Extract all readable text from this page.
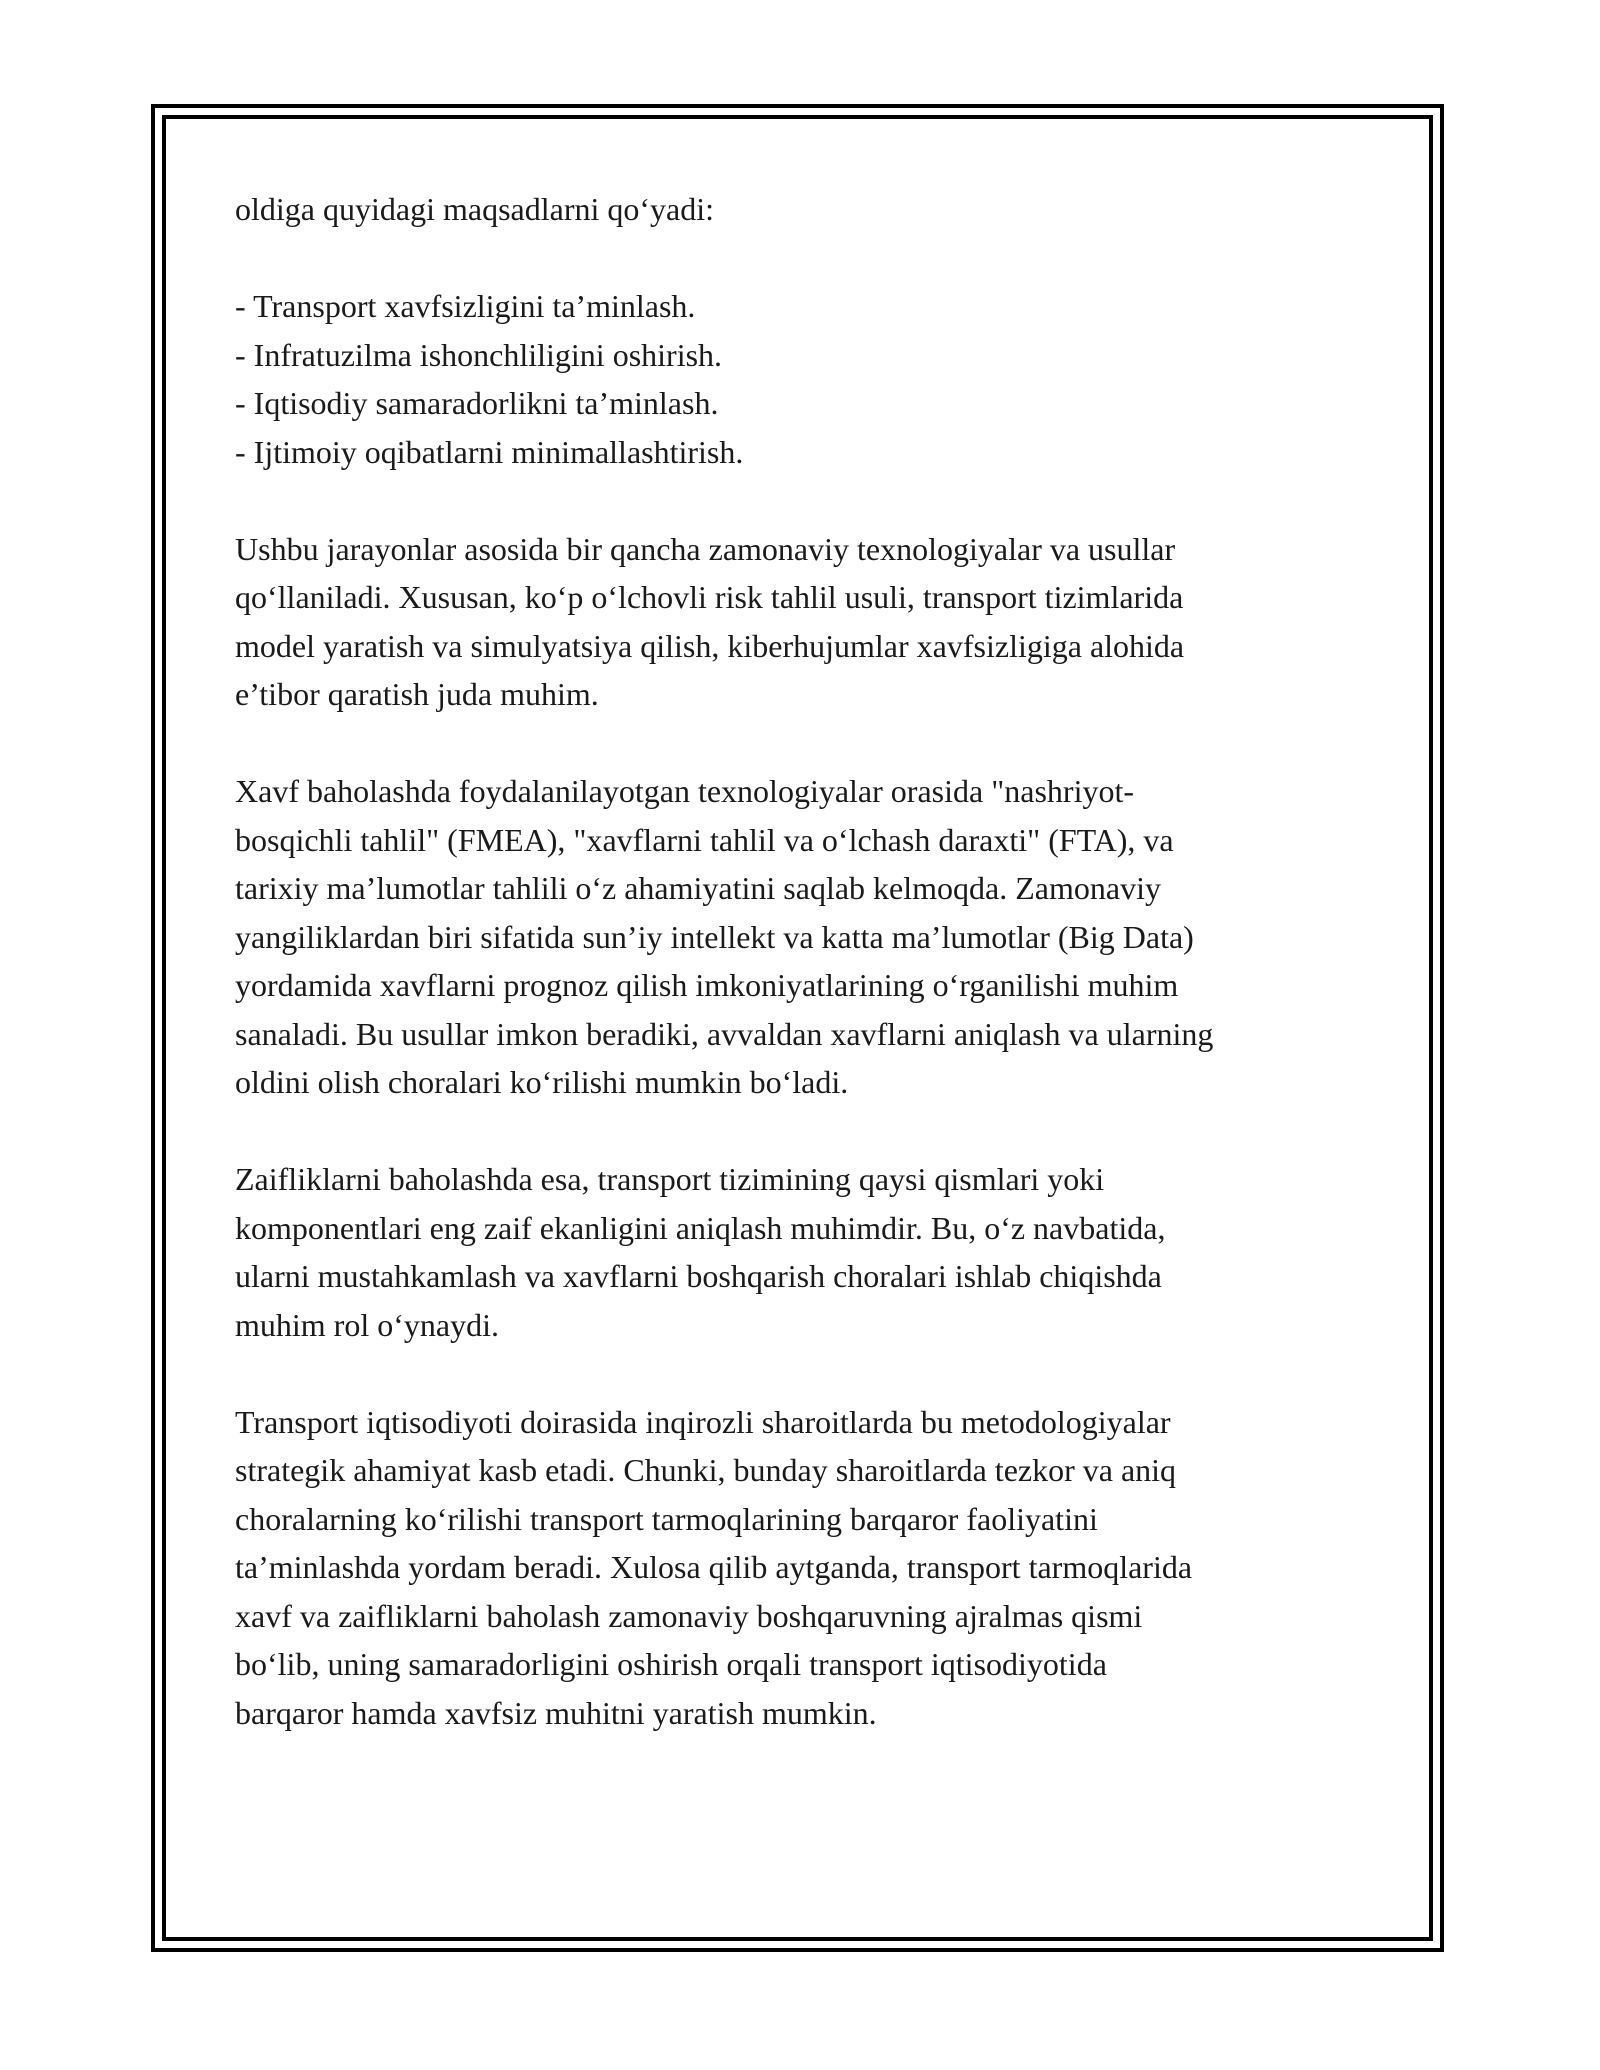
oldiga quyidagi maqsadlarni qo‘yadi:

- Transport xavfsizligini ta’minlash.
- Infratuzilma ishonchliligini oshirish.
- Iqtisodiy samaradorlikni ta’minlash.
- Ijtimoiy oqibatlarni minimallashtirish.

Ushbu jarayonlar asosida bir qancha zamonaviy texnologiyalar va usullar
qo‘llaniladi. Xususan, ko‘p o‘lchovli risk tahlil usuli, transport tizimlarida
model yaratish va simulyatsiya qilish, kiberhujumlar xavfsizligiga alohida
e’tibor qaratish juda muhim.

Xavf baholashda foydalanilayotgan texnologiyalar orasida "nashriyot-
bosqichli tahlil" (FMEA), "xavflarni tahlil va o‘lchash daraxti" (FTA), va
tarixiy ma’lumotlar tahlili o‘z ahamiyatini saqlab kelmoqda. Zamonaviy
yangiliklardan biri sifatida sun’iy intellekt va katta ma’lumotlar (Big Data)
yordamida xavflarni prognoz qilish imkoniyatlarining o‘rganilishi muhim
sanaladi. Bu usullar imkon beradiki, avvaldan xavflarni aniqlash va ularning
oldini olish choralari ko‘rilishi mumkin bo‘ladi.

Zaifliklarni baholashda esa, transport tizimining qaysi qismlari yoki
komponentlari eng zaif ekanligini aniqlash muhimdir. Bu, o‘z navbatida,
ularni mustahkamlash va xavflarni boshqarish choralari ishlab chiqishda
muhim rol o‘ynaydi.

Transport iqtisodiyoti doirasida inqirozli sharoitlarda bu metodologiyalar
strategik ahamiyat kasb etadi. Chunki, bunday sharoitlarda tezkor va aniq
choralarning ko‘rilishi transport tarmoqlarining barqaror faoliyatini
ta’minlashda yordam beradi. Xulosa qilib aytganda, transport tarmoqlarida
xavf va zaifliklarni baholash zamonaviy boshqaruvning ajralmas qismi
bo‘lib, uning samaradorligini oshirish orqali transport iqtisodiyotida
barqaror hamda xavfsiz muhitni yaratish mumkin.
